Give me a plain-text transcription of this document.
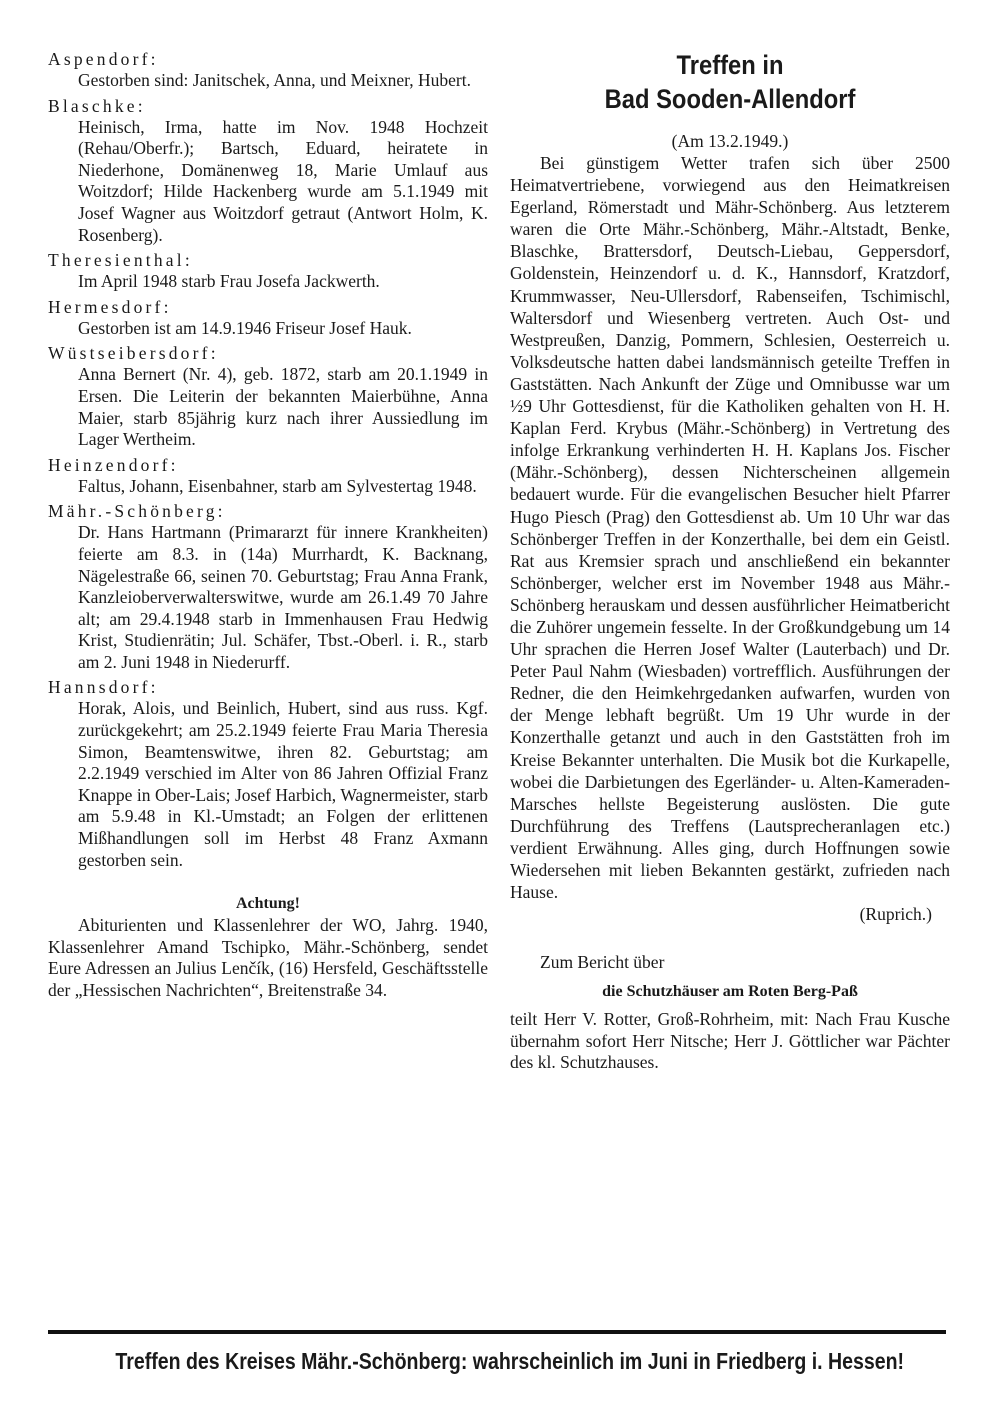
Aspendorf:

Gestorben sind: Janitschek, Anna, und Meixner, Hubert.

Blaschke:

Heinisch, Irma, hatte im Nov. 1948 Hochzeit (Rehau/Oberfr.); Bartsch, Eduard, heiratete in Niederhone, Domänenweg 18, Marie Umlauf aus Woitzdorf; Hilde Hackenberg wurde am 5.1.1949 mit Josef Wagner aus Woitzdorf getraut (Antwort Holm, K. Rosenberg).

Theresienthal:

Im April 1948 starb Frau Josefa Jackwerth.

Hermesdorf:

Gestorben ist am 14.9.1946 Friseur Josef Hauk.

Wüstseibersdorf:

Anna Bernert (Nr. 4), geb. 1872, starb am 20.1.1949 in Ersen. Die Leiterin der bekannten Maierbühne, Anna Maier, starb 85jährig kurz nach ihrer Aussiedlung im Lager Wertheim.

Heinzendorf:

Faltus, Johann, Eisenbahner, starb am Sylvestertag 1948.

Mähr.-Schönberg:

Dr. Hans Hartmann (Primararzt für innere Krankheiten) feierte am 8.3. in (14a) Murrhardt, K. Backnang, Nägelestraße 66, seinen 70. Geburtstag; Frau Anna Frank, Kanzleioberverwalterswitwe, wurde am 26.1.49 70 Jahre alt; am 29.4.1948 starb in Immenhausen Frau Hedwig Krist, Studienrätin; Jul. Schäfer, Tbst.-Oberl. i. R., starb am 2. Juni 1948 in Niederurff.

Hannsdorf:

Horak, Alois, und Beinlich, Hubert, sind aus russ. Kgf. zurückgekehrt; am 25.2.1949 feierte Frau Maria Theresia Simon, Beamtenswitwe, ihren 82. Geburtstag; am 2.2.1949 verschied im Alter von 86 Jahren Offizial Franz Knappe in Ober-Lais; Josef Harbich, Wagnermeister, starb am 5.9.48 in Kl.-Umstadt; an Folgen der erlittenen Mißhandlungen soll im Herbst 48 Franz Axmann gestorben sein.

Achtung!

Abiturienten und Klassenlehrer der WO, Jahrg. 1940, Klassenlehrer Amand Tschipko, Mähr.-Schönberg, sendet Eure Adressen an Julius Lenčík, (16) Hersfeld, Geschäftsstelle der „Hessischen Nachrichten“, Breitenstraße 34.

Treffen in

Bad Sooden-Allendorf

(Am 13.2.1949.)

Bei günstigem Wetter trafen sich über 2500 Heimatvertriebene, vorwiegend aus den Heimatkreisen Egerland, Römerstadt und Mähr-Schönberg. Aus letzterem waren die Orte Mähr.-Schönberg, Mähr.-Altstadt, Benke, Blaschke, Brattersdorf, Deutsch-Liebau, Geppersdorf, Goldenstein, Heinzendorf u. d. K., Hannsdorf, Kratzdorf, Krummwasser, Neu-Ullersdorf, Rabenseifen, Tschimischl, Waltersdorf und Wiesenberg vertreten. Auch Ost- und Westpreußen, Danzig, Pommern, Schlesien, Oesterreich u. Volksdeutsche hatten dabei landsmännisch geteilte Treffen in Gaststätten. Nach Ankunft der Züge und Omnibusse war um ½9 Uhr Gottesdienst, für die Katholiken gehalten von H. H. Kaplan Ferd. Krybus (Mähr.-Schönberg) in Vertretung des infolge Erkrankung verhinderten H. H. Kaplans Jos. Fischer (Mähr.-Schönberg), dessen Nichterscheinen allgemein bedauert wurde. Für die evangelischen Besucher hielt Pfarrer Hugo Piesch (Prag) den Gottesdienst ab. Um 10 Uhr war das Schönberger Treffen in der Konzerthalle, bei dem ein Geistl. Rat aus Kremsier sprach und anschließend ein bekannter Schönberger, welcher erst im November 1948 aus Mähr.-Schönberg herauskam und dessen ausführlicher Heimatbericht die Zuhörer ungemein fesselte. In der Großkundgebung um 14 Uhr sprachen die Herren Josef Walter (Lauterbach) und Dr. Peter Paul Nahm (Wiesbaden) vortrefflich. Ausführungen der Redner, die den Heimkehrgedanken aufwarfen, wurden von der Menge lebhaft begrüßt. Um 19 Uhr wurde in der Konzerthalle getanzt und auch in den Gaststätten froh im Kreise Bekannter unterhalten. Die Musik bot die Kurkapelle, wobei die Darbietungen des Egerländer- u. Alten-Kameraden-Marsches hellste Begeisterung auslösten. Die gute Durchführung des Treffens (Lautsprecheranlagen etc.) verdient Erwähnung. Alles ging, durch Hoffnungen sowie Wiedersehen mit lieben Bekannten gestärkt, zufrieden nach Hause.

(Ruprich.)

Zum Bericht über

die Schutzhäuser am Roten Berg-Paß

teilt Herr V. Rotter, Groß-Rohrheim, mit: Nach Frau Kusche übernahm sofort Herr Nitsche; Herr J. Göttlicher war Pächter des kl. Schutzhauses.

Treffen des Kreises Mähr.-Schönberg: wahrscheinlich im Juni in Friedberg i. Hessen!
